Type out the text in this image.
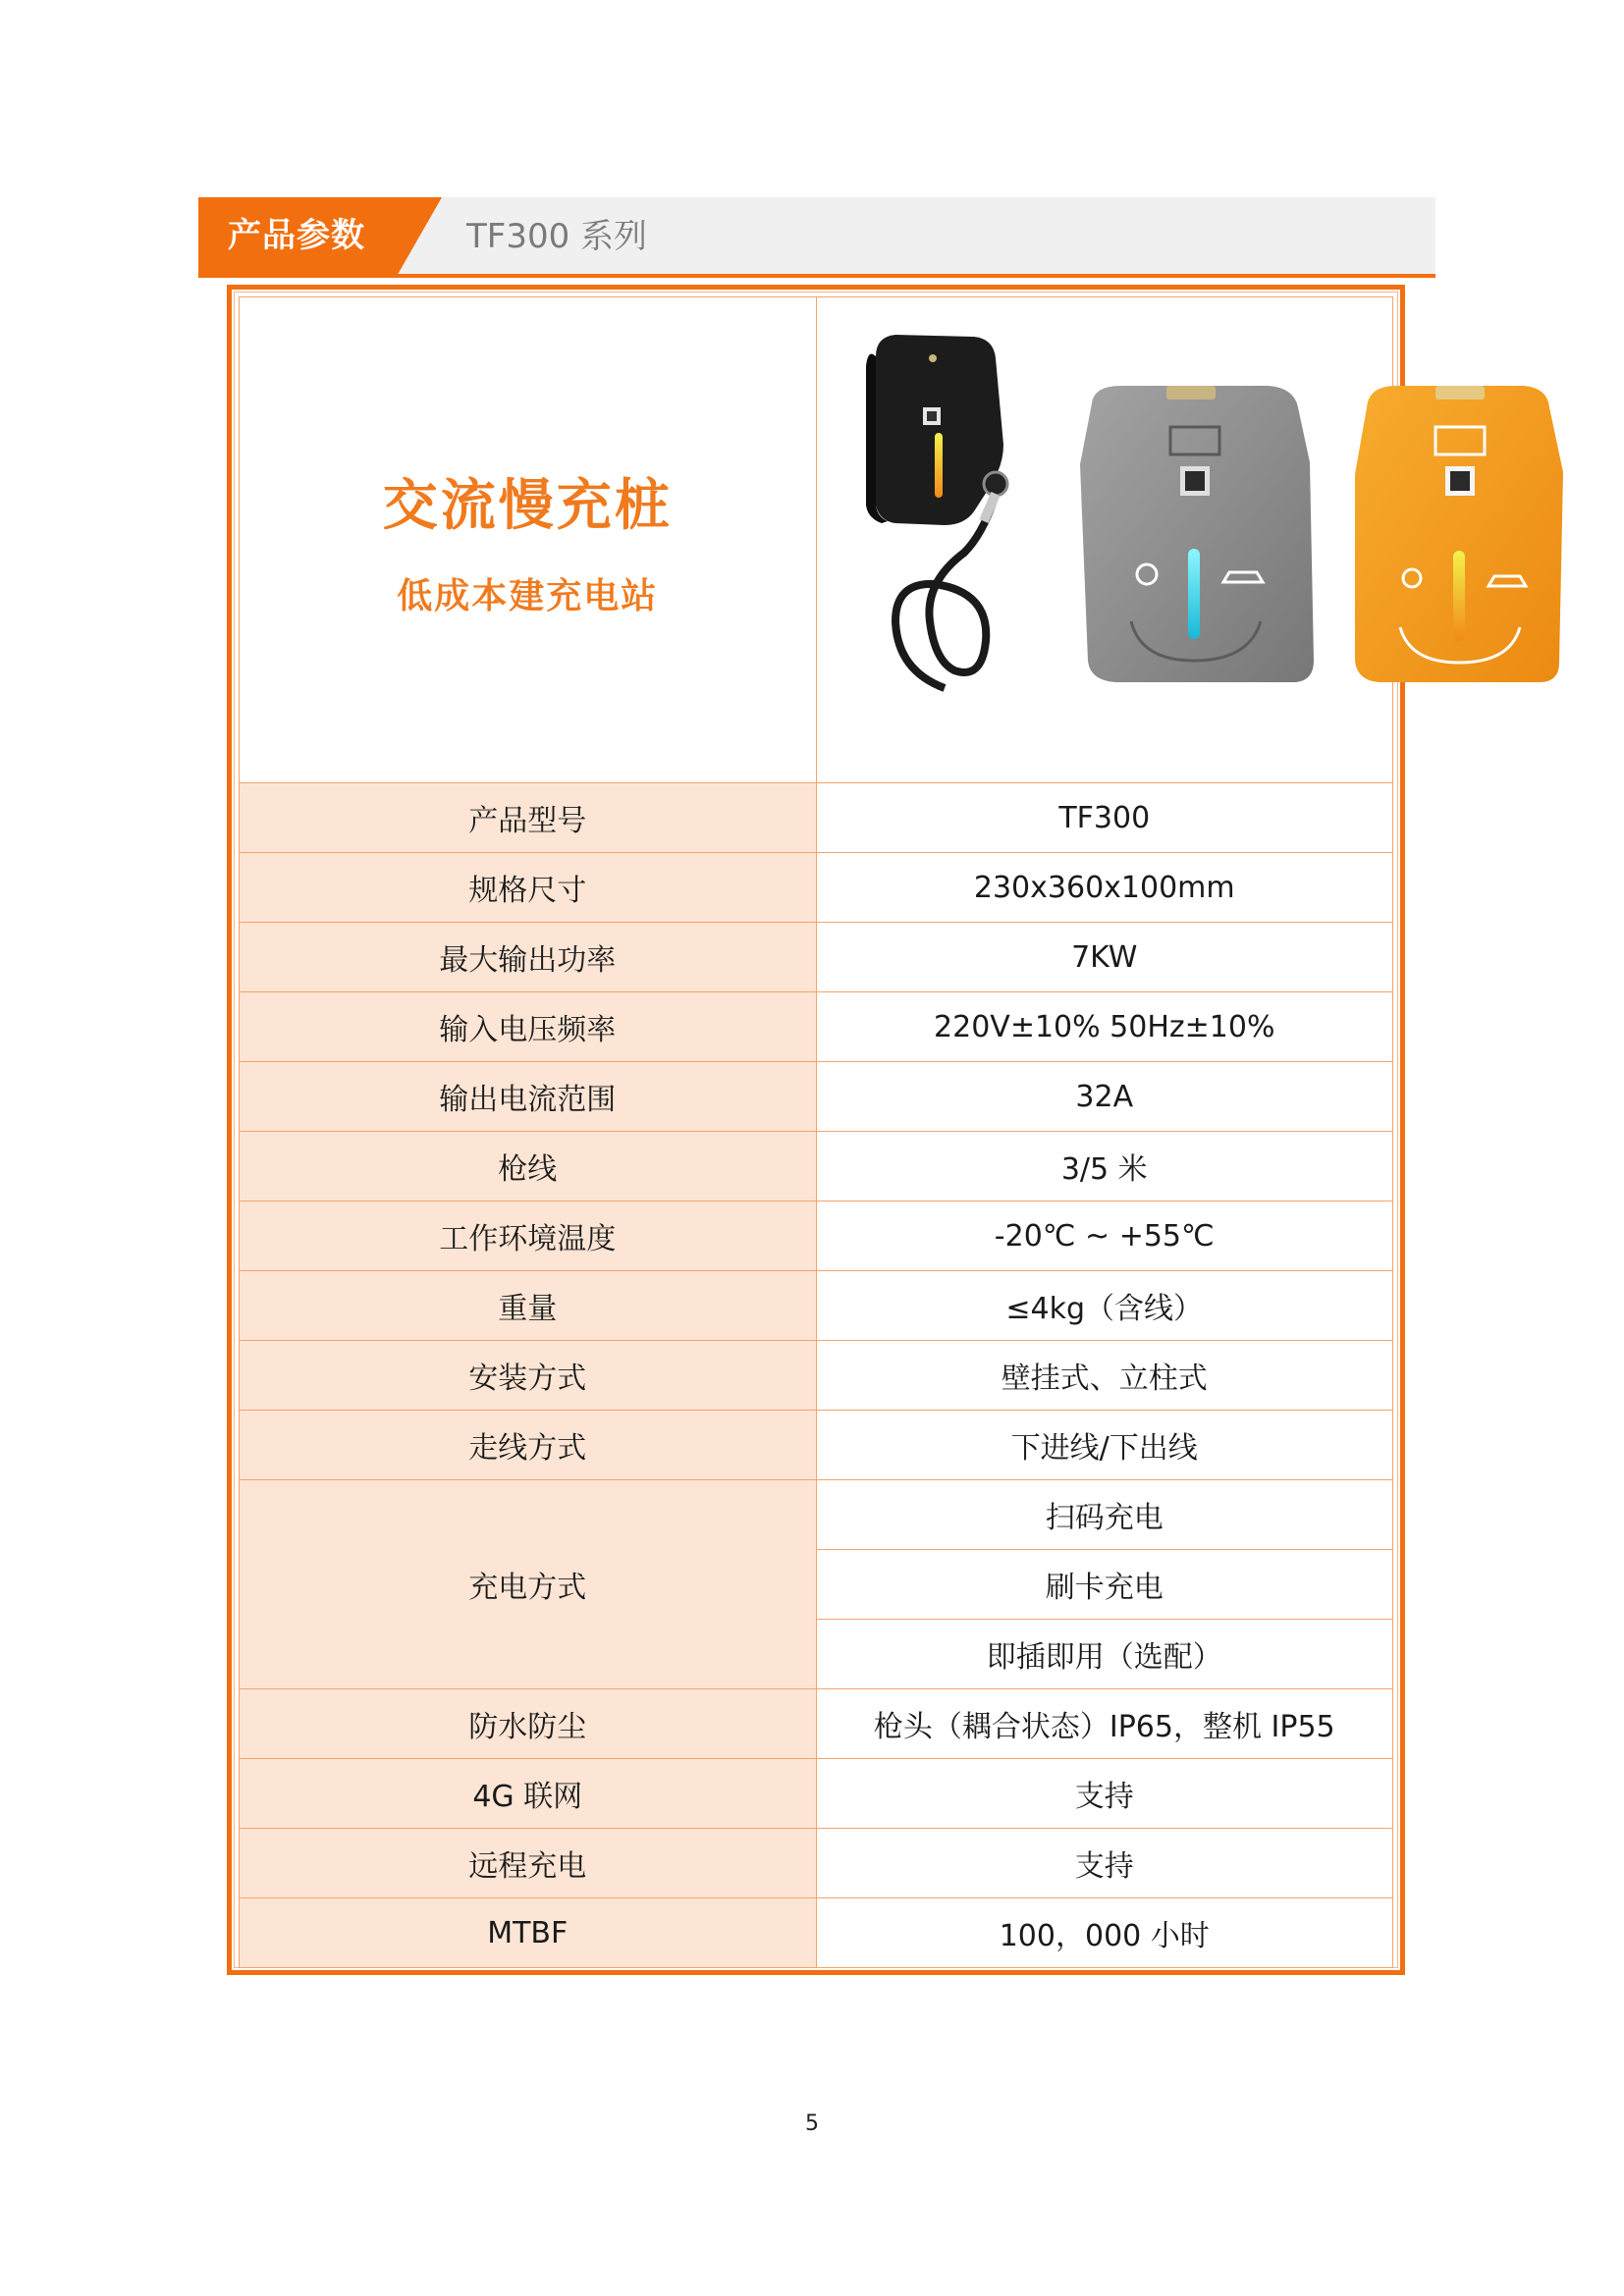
产品参数	TF300 系列
交流慢充桩
低成本建充电站

产品型号	TF300
规格尺寸	230x360x100mm
最大输出功率	7KW
输入电压频率	220V±10% 50Hz±10%
输出电流范围	32A
枪线	3/5 米
工作环境温度	-20℃ ~ +55℃
重量	≤4kg（含线）
安装方式	壁挂式、立柱式
走线方式	下进线/下出线
充电方式	扫码充电
	刷卡充电
	即插即用（选配）
防水防尘	枪头（耦合状态）IP65，整机 IP55
4G 联网	支持
远程充电	支持
MTBF	100，000 小时
5
